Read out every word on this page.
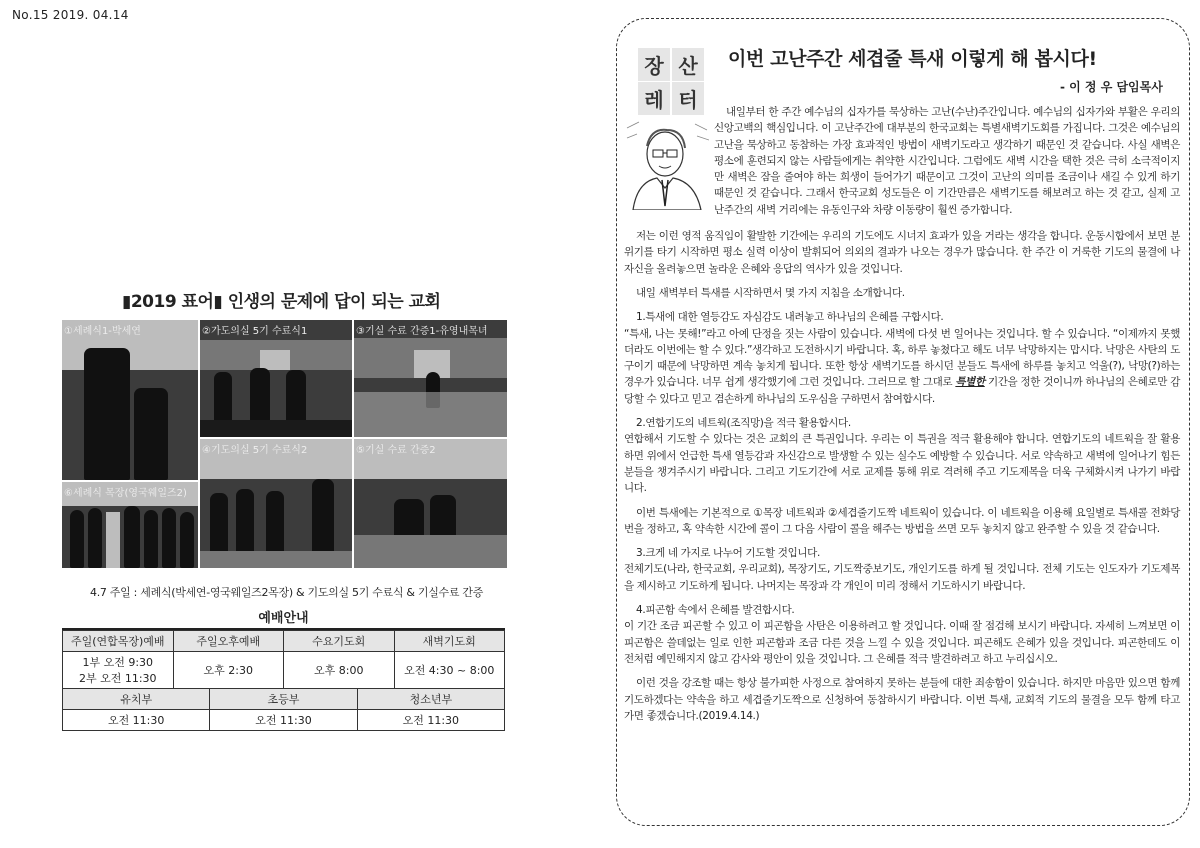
No.15 2019. 04.14
▮2019 표어▮ 인생의 문제에 답이 되는 교회
①세례식1-박세연
⑥세례식 목장(영국웨일즈2)
②가도의실 5기 수료식1
④기도의실 5기 수료식2
③기실 수료 간증1-유영내목녀
⑤기실 수료 간증2
4.7 주일 : 세례식(박세연-영국웨일즈2목장) & 기도의실 5기 수료식 & 기실수료 간증
예배안내
주일(연합목장)예배	주일오후예배	수요기도회	새벽기도회

1부 오전 9:30
2부 오전 11:30	오후 2:30	오후 8:00	오전 4:30 ~ 8:00
유치부	초등부	청소년부
오전 11:30	오전 11:30	오전 11:30
장 산
레 터
이번 고난주간 세겹줄 특새 이렇게 해 봅시다!
- 이 정 우 담임목사

내일부터 한 주간 예수님의 십자가를 묵상하는 고난(수난)주간입니다. 예수님의 십자가와 부활은 우리의 신앙고백의 핵심입니다. 이 고난주간에 대부분의 한국교회는 특별새벽기도회를 가집니다. 그것은 예수님의 고난을 묵상하고 동참하는 가장 효과적인 방법이 새벽기도라고 생각하기 때문인 것 같습니다. 사실 새벽은 평소에 훈련되지 않는 사람들에게는 취약한 시간입니다. 그럼에도 새벽 시간을 택한 것은 극히 소극적이지만 새벽은 잠을 줄여야 하는 희생이 들어가기 때문이고 그것이 고난의 의미를 조금이나 새길 수 있게 하기 때문인 것 같습니다. 그래서 한국교회 성도들은 이 기간만큼은 새벽기도를 해보려고 하는 것 같고, 실제 고난주간의 새벽 거리에는 유동인구와 차량 이동량이 훨씬 증가합니다.

저는 이런 영적 움직임이 활발한 기간에는 우리의 기도에도 시너지 효과가 있을 거라는 생각을 합니다. 운동시합에서 보면 분위기를 타기 시작하면 평소 실력 이상이 발휘되어 의외의 결과가 나오는 경우가 많습니다. 한 주간 이 거룩한 기도의 물결에 나 자신을 올려놓으면 놀라운 은혜와 응답의 역사가 있을 것입니다.

내일 새벽부터 특새를 시작하면서 몇 가지 지침을 소개합니다.

1.특새에 대한 열등감도 자심감도 내려놓고 하나님의 은혜를 구합시다.
“특새, 나는 못해!”라고 아예 단정을 짓는 사람이 있습니다. 새벽에 다섯 번 일어나는 것입니다. 할 수 있습니다. “이제까지 못했더라도 이번에는 할 수 있다.”생각하고 도전하시기 바랍니다. 혹, 하루 놓쳤다고 해도 너무 낙망하지는 맙시다. 낙망은 사탄의 도구이기 때문에 낙망하면 계속 놓치게 됩니다. 또한 항상 새벽기도를 하시던 분들도 특새에 하루를 놓치고 억울(?), 낙망(?)하는 경우가 있습니다. 너무 쉽게 생각했기에 그런 것입니다. 그러므로 할 그대로 특별한 기간을 정한 것이니까 하나님의 은혜로만 감당할 수 있다고 믿고 겸손하게 하나님의 도우심을 구하면서 참여합시다.

2.연합기도의 네트웍(조직망)을 적극 활용합시다.
연합해서 기도할 수 있다는 것은 교회의 큰 특권입니다. 우리는 이 특권을 적극 활용해야 합니다. 연합기도의 네트웍을 잘 활용하면 위에서 언급한 특새 열등감과 자신감으로 발생할 수 있는 실수도 예방할 수 있습니다. 서로 약속하고 새벽에 일어나기 힘든 분들을 챙겨주시기 바랍니다. 그리고 기도기간에 서로 교제를 통해 위로 격려해 주고 기도제목을 더욱 구체화시켜 나가기 바랍니다.

이번 특새에는 기본적으로 ①목장 네트웍과 ②세겹줄기도짝 네트웍이 있습니다. 이 네트웍을 이용해 요일별로 특새콜 전화당번을 정하고, 혹 약속한 시간에 콜이 그 다음 사람이 콜을 해주는 방법을 쓰면 모두 놓치지 않고 완주할 수 있을 것 같습니다.

3.크게 네 가지로 나누어 기도할 것입니다.
전체기도(나라, 한국교회, 우리교회), 목장기도, 기도짝중보기도, 개인기도를 하게 될 것입니다. 전체 기도는 인도자가 기도제목을 제시하고 기도하게 됩니다. 나머지는 목장과 각 개인이 미리 정해서 기도하시기 바랍니다.

4.피곤함 속에서 은혜를 발견합시다.
이 기간 조금 피곤할 수 있고 이 피곤함을 사탄은 이용하려고 할 것입니다. 이때 잘 점검해 보시기 바랍니다. 자세히 느껴보면 이 피곤함은 쓸데없는 일로 인한 피곤함과 조금 다른 것을 느낄 수 있을 것입니다. 피곤해도 은혜가 있을 것입니다. 피곤한데도 이전처럼 예민해지지 않고 감사와 평안이 있을 것입니다. 그 은혜를 적극 발견하려고 하고 누리십시오.

이런 것을 강조할 때는 항상 불가피한 사정으로 참여하지 못하는 분들에 대한 죄송함이 있습니다. 하지만 마음만 있으면 함께 기도하겠다는 약속을 하고 세겹줄기도짝으로 신청하여 동참하시기 바랍니다. 이번 특새, 교회적 기도의 물결을 모두 함께 타고 가면 좋겠습니다.(2019.4.14.)
